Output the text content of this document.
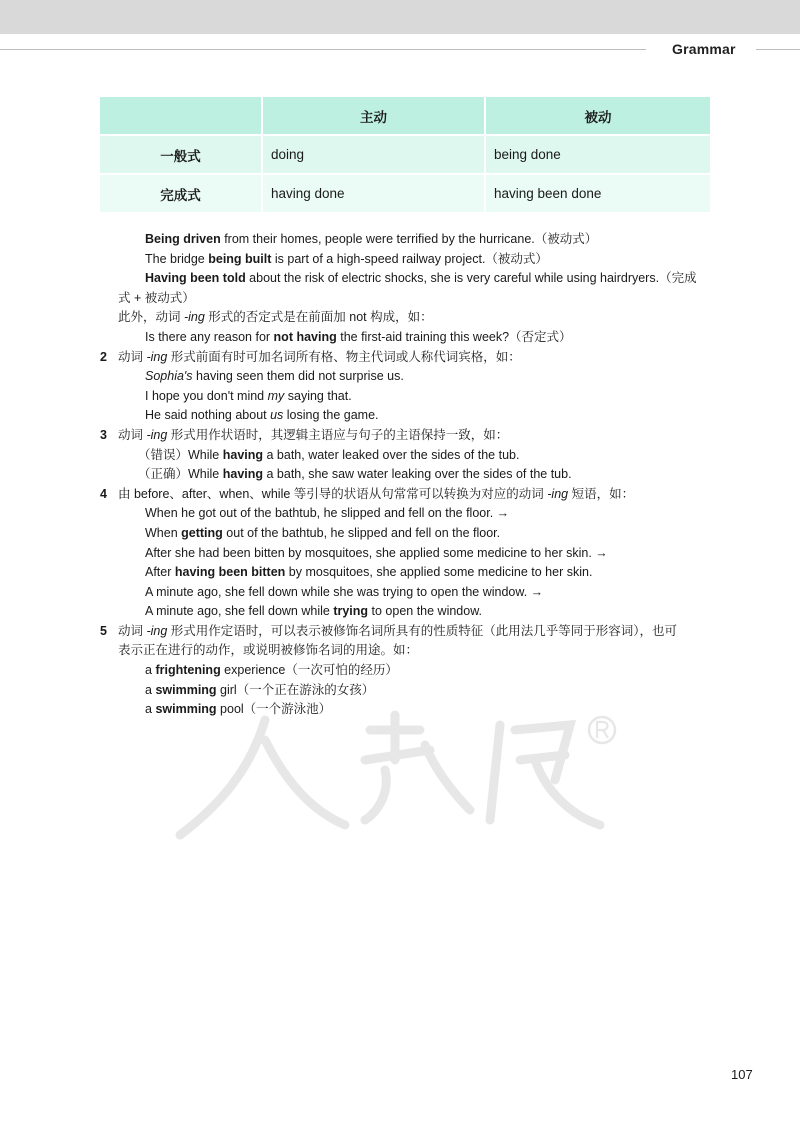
Grammar
	主动	被动
一般式	doing	being done
完成式	having done	having been done
Being driven from their homes, people were terrified by the hurricane.（被动式）
The bridge being built is part of a high-speed railway project.（被动式）
Having been told about the risk of electric shocks, she is very careful while using hairdryers.（完成
式 + 被动式）
此外，动词 -ing 形式的否定式是在前面加 not 构成，如：
Is there any reason for not having the first-aid training this week?（否定式）
2 动词 -ing 形式前面有时可加名词所有格、物主代词或人称代词宾格，如：
Sophia's having seen them did not surprise us.
I hope you don't mind my saying that.
He said nothing about us losing the game.
3 动词 -ing 形式用作状语时，其逻辑主语应与句子的主语保持一致，如：
（错误）While having a bath, water leaked over the sides of the tub.
（正确）While having a bath, she saw water leaking over the sides of the tub.
4 由 before、after、when、while 等引导的状语从句常常可以转换为对应的动词 -ing 短语，如：
When he got out of the bathtub, he slipped and fell on the floor. →
When getting out of the bathtub, he slipped and fell on the floor.
After she had been bitten by mosquitoes, she applied some medicine to her skin. →
After having been bitten by mosquitoes, she applied some medicine to her skin.
A minute ago, she fell down while she was trying to open the window. →
A minute ago, she fell down while trying to open the window.
5 动词 -ing 形式用作定语时，可以表示被修饰名词所具有的性质特征（此用法几乎等同于形容词），也可
表示正在进行的动作，或说明被修饰名词的用途。如：
a frightening experience（一次可怕的经历）
a swimming girl（一个正在游泳的女孩）
a swimming pool（一个游泳池）
107
